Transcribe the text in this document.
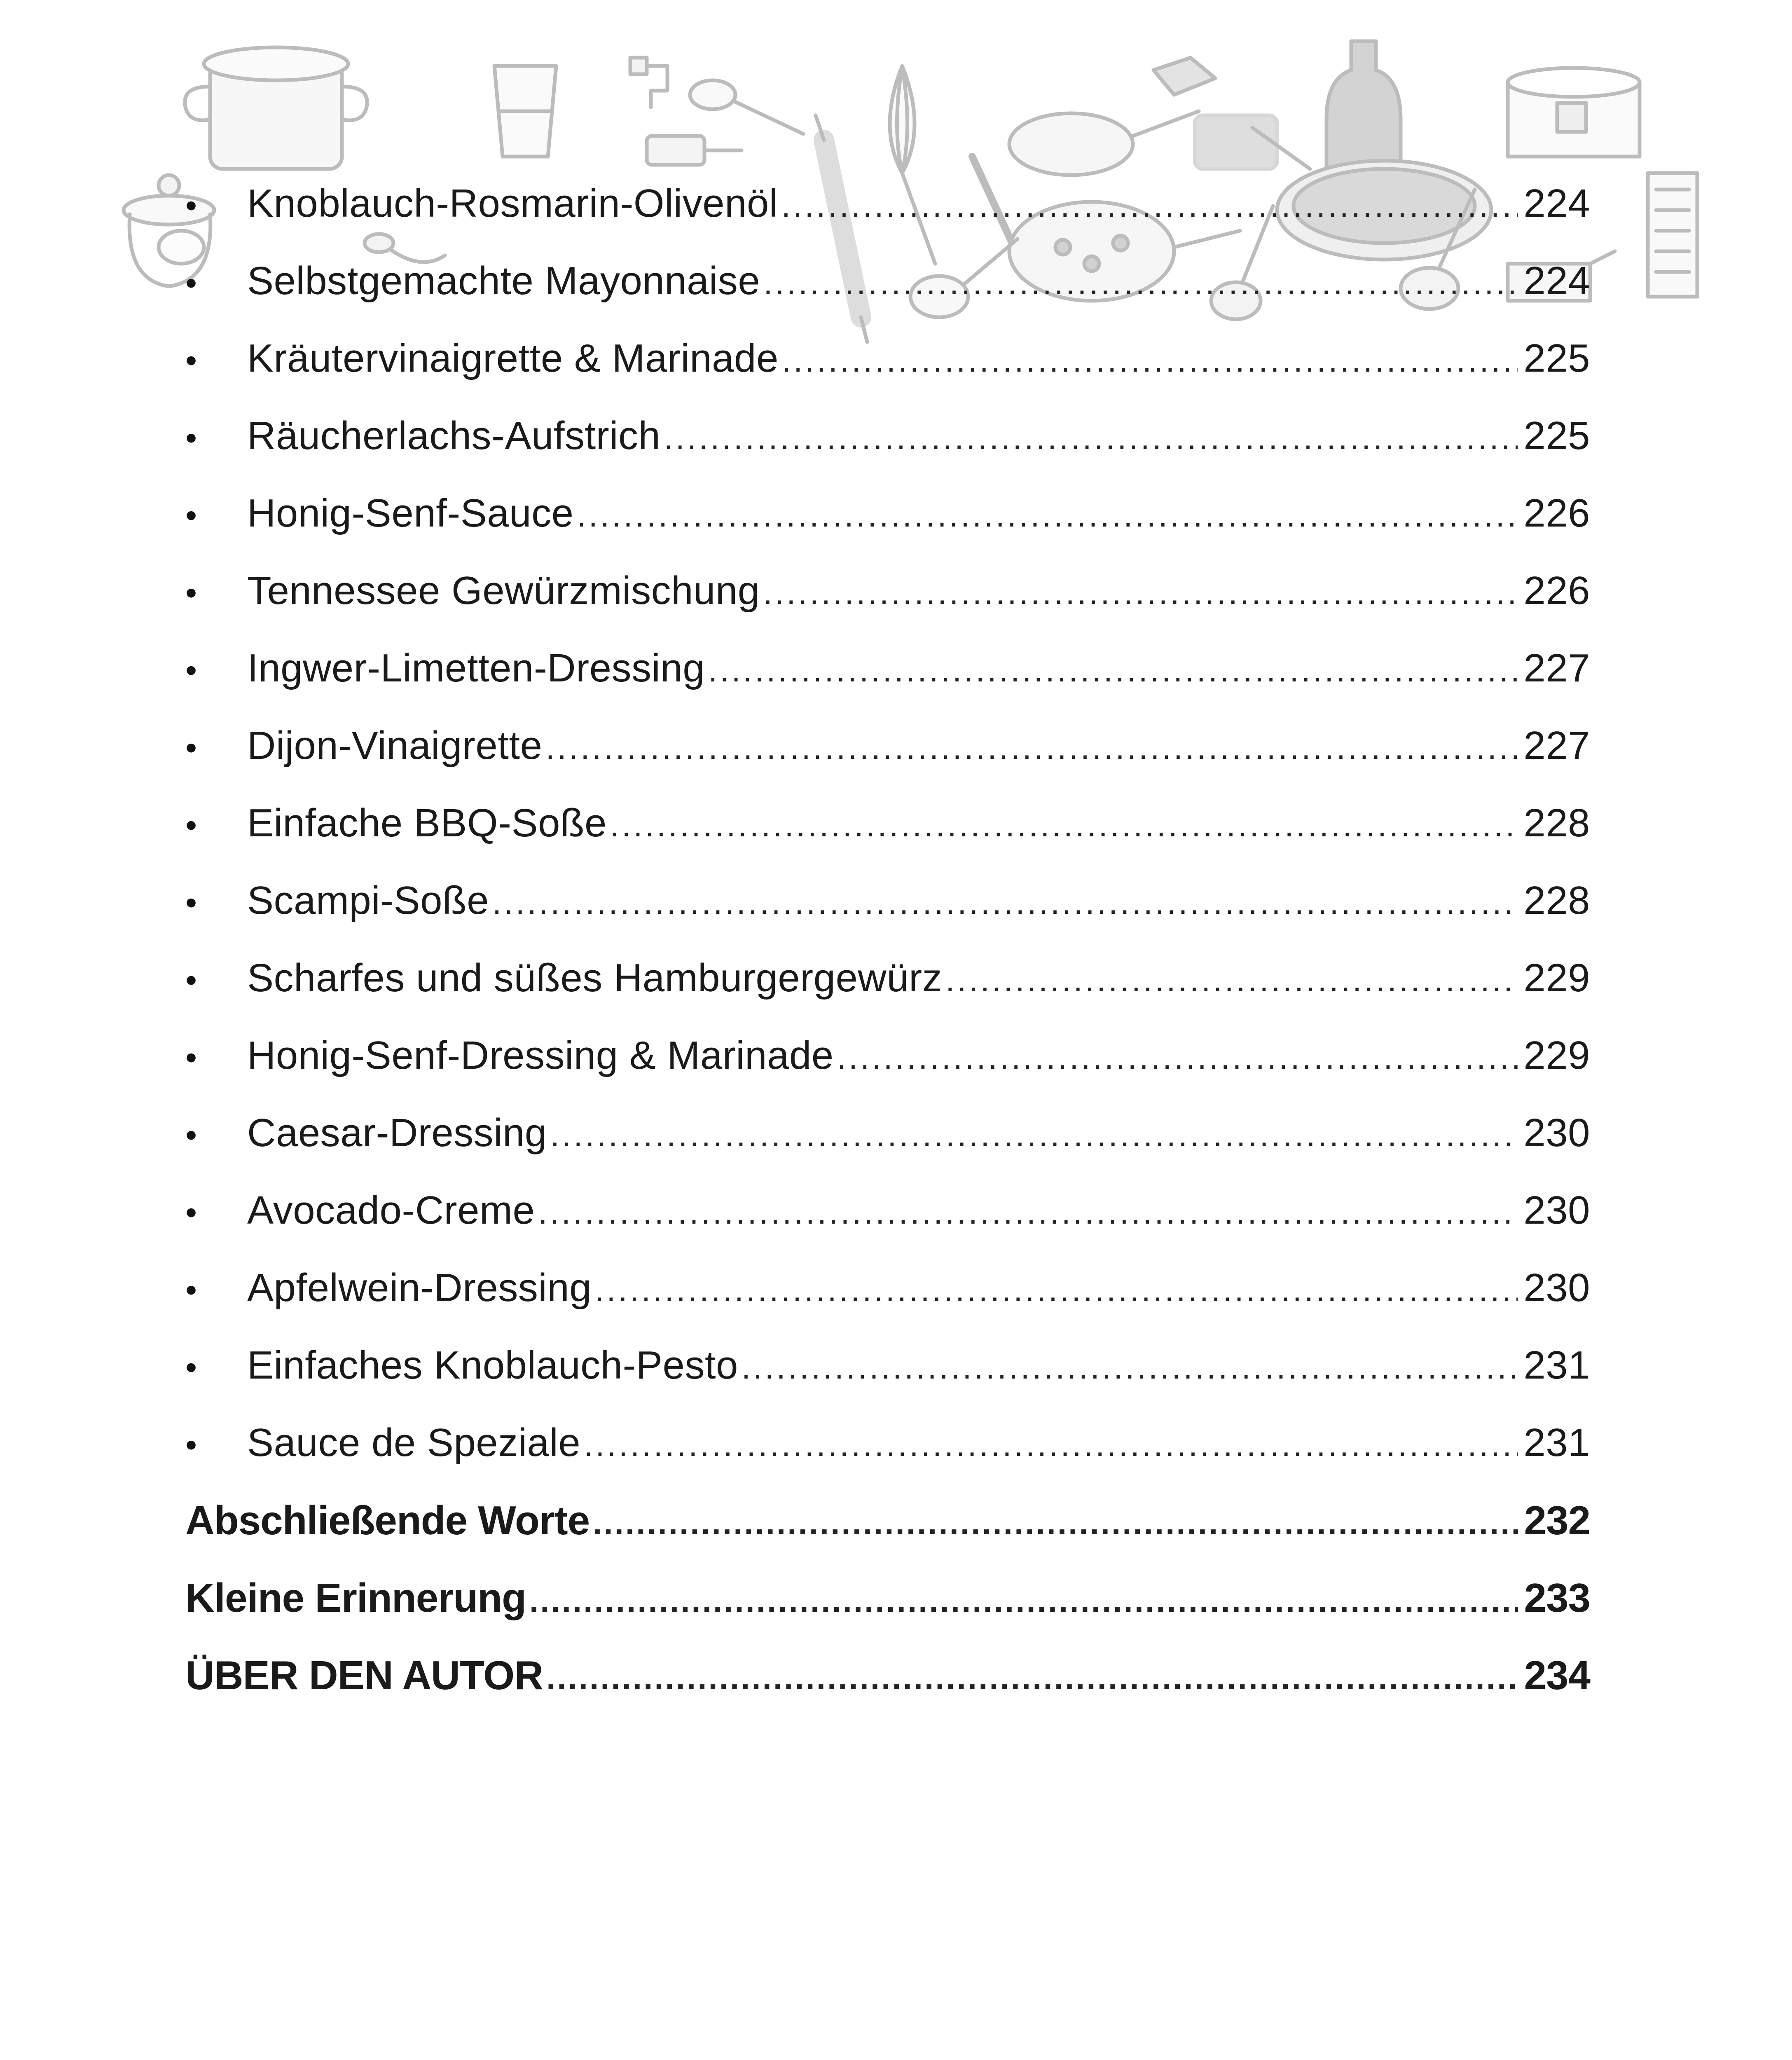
•	Knoblauch-Rosmarin-Olivenöl .....	224
•	Selbstgemachte Mayonnaise .....	224
•	Kräutervinaigrette & Marinade .....	225
•	Räucherlachs-Aufstrich .....	225
•	Honig-Senf-Sauce .....	226
•	Tennessee Gewürzmischung .....	226
•	Ingwer-Limetten-Dressing .....	227
•	Dijon-Vinaigrette .....	227
•	Einfache BBQ-Soße .....	228
•	Scampi-Soße .....	228
•	Scharfes und süßes Hamburgergewürz .....	229
•	Honig-Senf-Dressing & Marinade .....	229
•	Caesar-Dressing .....	230
•	Avocado-Creme .....	230
•	Apfelwein-Dressing .....	230
•	Einfaches Knoblauch-Pesto .....	231
•	Sauce de Speziale .....	231
Abschließende Worte .....	232
Kleine Erinnerung .....	233
ÜBER DEN AUTOR .....	234
